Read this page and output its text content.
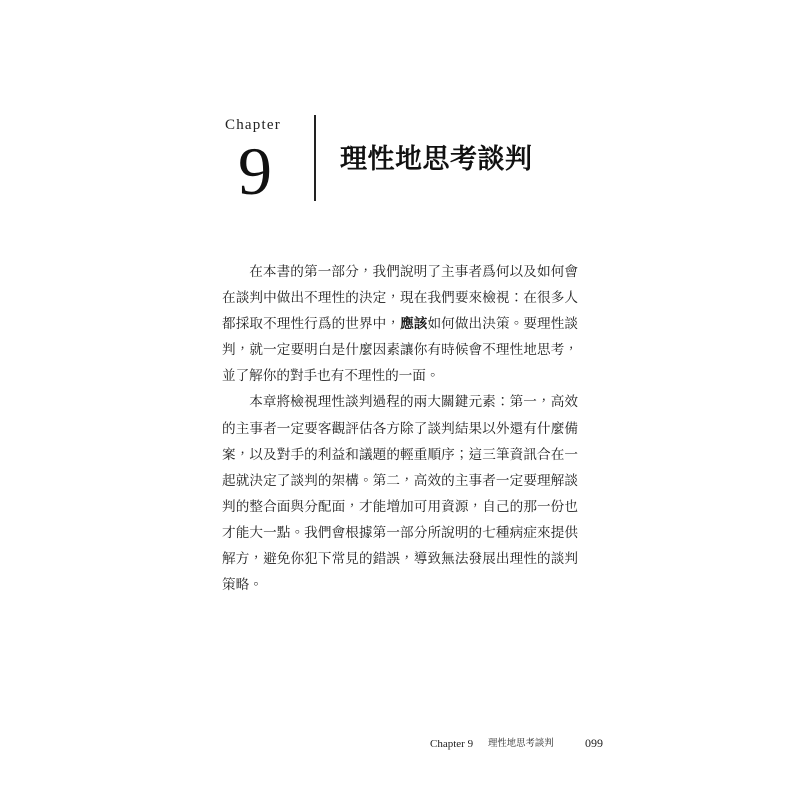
Chapter
9	理性地思考談判
在本書的第一部分，我們說明了主事者爲何以及如何會
在談判中做出不理性的決定，現在我們要來檢視：在很多人
都採取不理性行爲的世界中，應該如何做出決策。要理性談
判，就一定要明白是什麼因素讓你有時候會不理性地思考，
並了解你的對手也有不理性的一面。
本章將檢視理性談判過程的兩大關鍵元素：第一，高效
的主事者一定要客觀評估各方除了談判結果以外還有什麼備
案，以及對手的利益和議題的輕重順序；這三筆資訊合在一
起就決定了談判的架構。第二，高效的主事者一定要理解談
判的整合面與分配面，才能增加可用資源，自己的那一份也
才能大一點。我們會根據第一部分所說明的七種病症來提供
解方，避免你犯下常見的錯誤，導致無法發展出理性的談判
策略。
Chapter 9 理性地思考談判	099
